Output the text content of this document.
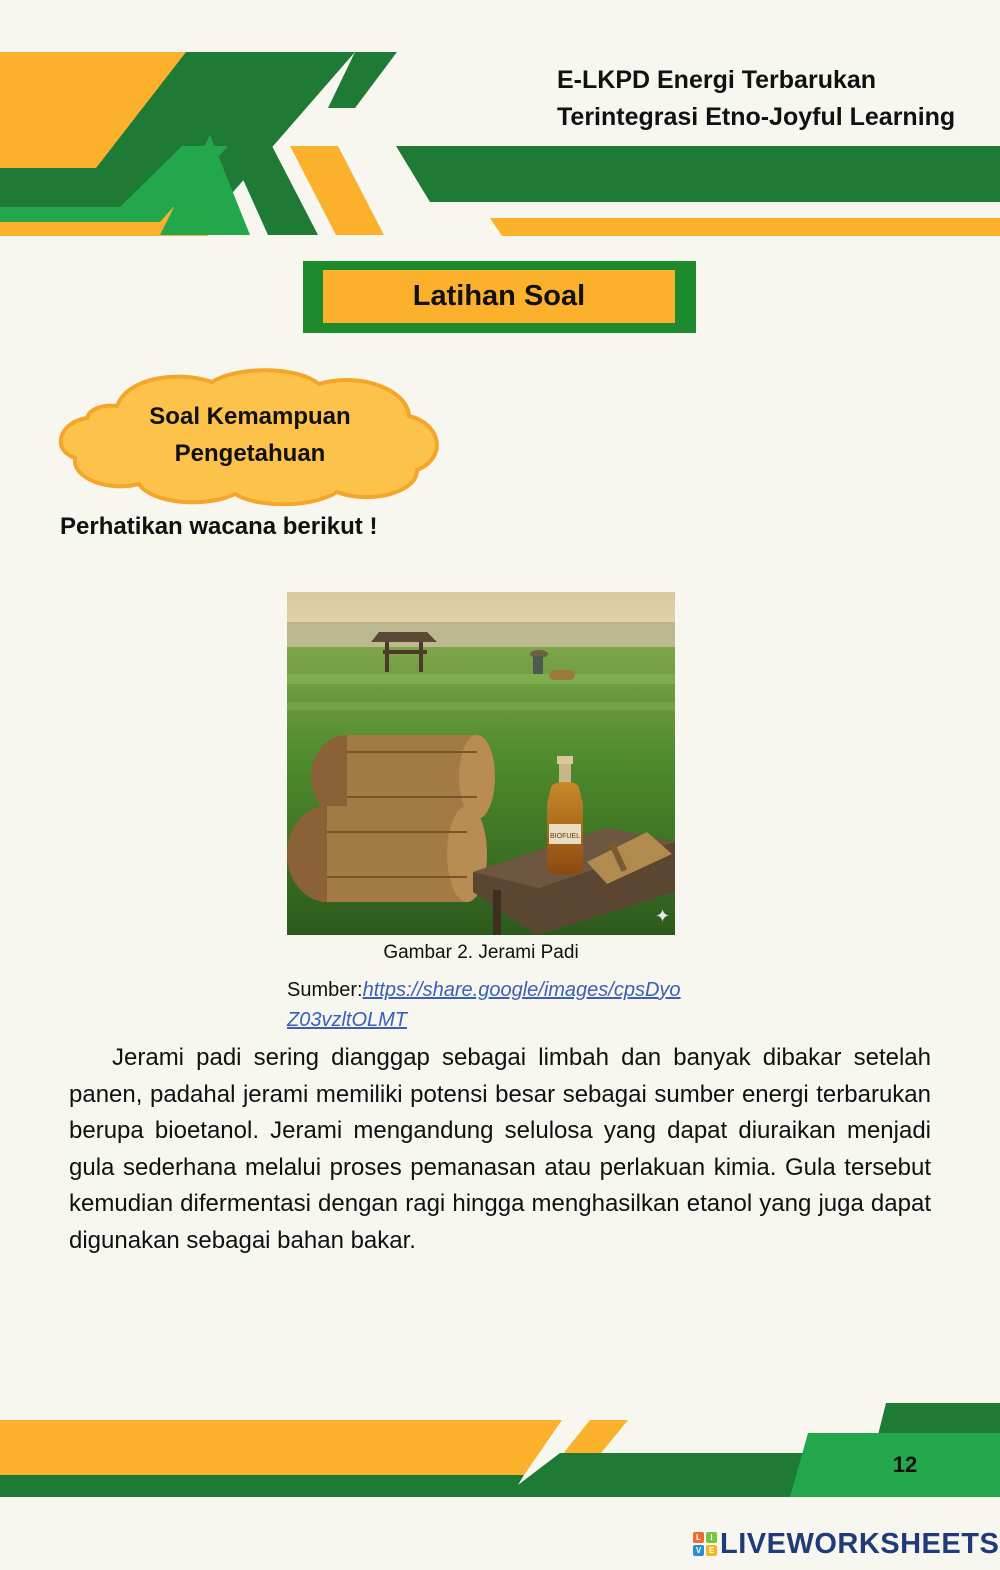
E-LKPD Energi Terbarukan
Terintegrasi Etno-Joyful Learning
Latihan Soal
Soal Kemampuan
Pengetahuan
Perhatikan wacana berikut !
BIOFUEL
✦
Gambar 2. Jerami Padi
Sumber:https://share.google/images/cpsDyoZ03vzltOLMT
Jerami padi sering dianggap sebagai limbah dan banyak dibakar setelah panen, padahal jerami memiliki potensi besar sebagai sumber energi terbarukan berupa bioetanol. Jerami mengandung selulosa yang dapat diuraikan menjadi gula sederhana melalui proses pemanasan atau perlakuan kimia. Gula tersebut kemudian difermentasi dengan ragi hingga menghasilkan etanol yang juga dapat digunakan sebagai bahan bakar.
12
L	I
V E LIVEWORKSHEETS
